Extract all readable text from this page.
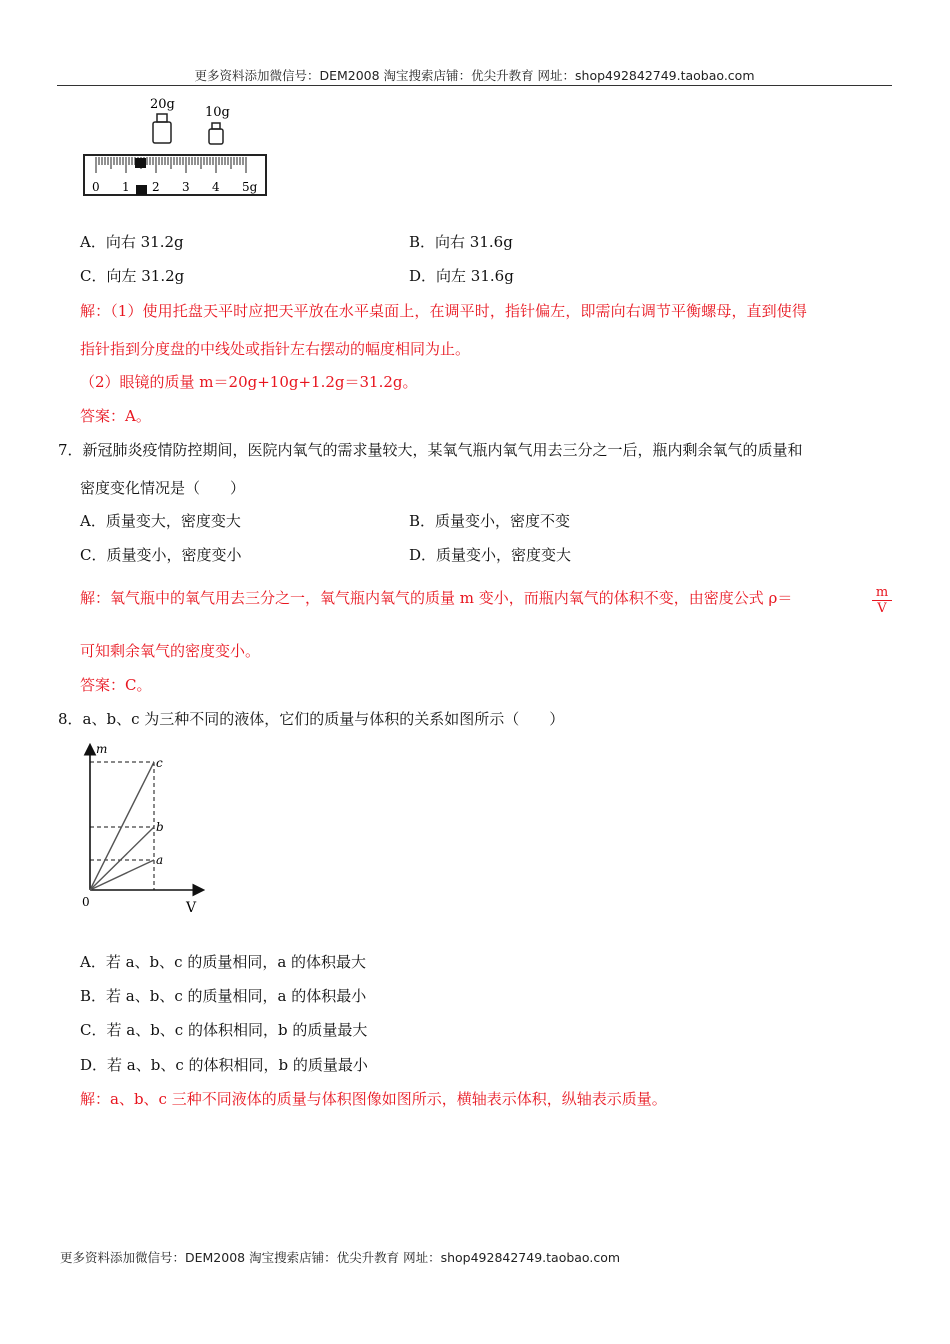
更多资料添加微信号：DEM2008 淘宝搜索店铺：优尖升教育 网址：shop492842749.taobao.com
20g
10g
0 1 2 3 4 5g
A．向右 31.2g	B．向右 31.6g
C．向左 31.2g	D．向左 31.6g
解：（1）使用托盘天平时应把天平放在水平桌面上，在调平时，指针偏左，即需向右调节平衡螺母，直到使得
指针指到分度盘的中线处或指针左右摆动的幅度相同为止。
（2）眼镜的质量 m＝20g+10g+1.2g＝31.2g。
答案：A。
7．新冠肺炎疫情防控期间，医院内氧气的需求量较大，某氧气瓶内氧气用去三分之一后，瓶内剩余氧气的质量和
密度变化情况是（　　）
A．质量变大，密度变大	B．质量变小，密度不变
C．质量变小，密度变小	D．质量变小，密度变大
解：氧气瓶中的氧气用去三分之一，氧气瓶内氧气的质量 m 变小，而瓶内氧气的体积不变，由密度公式 ρ＝	$\frac{m}{V}$
可知剩余氧气的密度变小。
答案：C。
8．a、b、c 为三种不同的液体，它们的质量与体积的关系如图所示（　　）
m
V
0
c
b
a
A．若 a、b、c 的质量相同，a 的体积最大
B．若 a、b、c 的质量相同，a 的体积最小
C．若 a、b、c 的体积相同，b 的质量最大
D．若 a、b、c 的体积相同，b 的质量最小
解：a、b、c 三种不同液体的质量与体积图像如图所示，横轴表示体积，纵轴表示质量。
更多资料添加微信号：DEM2008 淘宝搜索店铺：优尖升教育 网址：shop492842749.taobao.com
